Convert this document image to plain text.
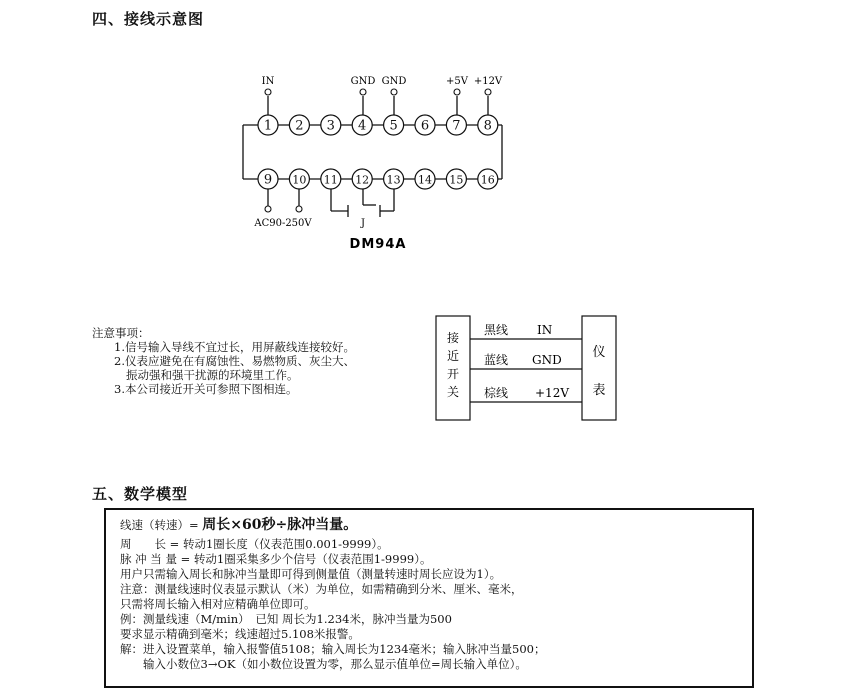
四、接线示意图
1 2 3 4 5 6 7 8
9 10 11 12 13 14 15 16
IN	GND GND	+5V +12V
AC90-250V	J
DM94A
注意事项：
1.信号输入导线不宜过长，用屏蔽线连接较好。
2.仪表应避免在有腐蚀性、易燃物质、灰尘大、
振动强和强干扰源的环境里工作。
3.本公司接近开关可参照下图相连。
接
近
开
关
仪
表
黑线 IN
蓝线 GND
棕线 +12V
五、数学模型
线速（转速）= 周长×60秒÷脉冲当量。
周　　长 = 转动1圈长度（仪表范围0.001-9999）。
脉 冲 当 量 = 转动1圈采集多少个信号（仪表范围1-9999）。
用户只需输入周长和脉冲当量即可得到侧量值（测量转速时周长应设为1）。
注意：测量线速时仪表显示默认（米）为单位，如需精确到分米、厘米、毫米，
只需将周长输入相对应精确单位即可。
例：测量线速（M/min）　已知 周长为1.234米，脉冲当量为500
要求显示精确到毫米；线速超过5.108米报警。
解：进入设置菜单，输入报警值5108；输入周长为1234毫米；输入脉冲当量500；
　　输入小数位3→OK（如小数位设置为零，那么显示值单位=周长输入单位）。
